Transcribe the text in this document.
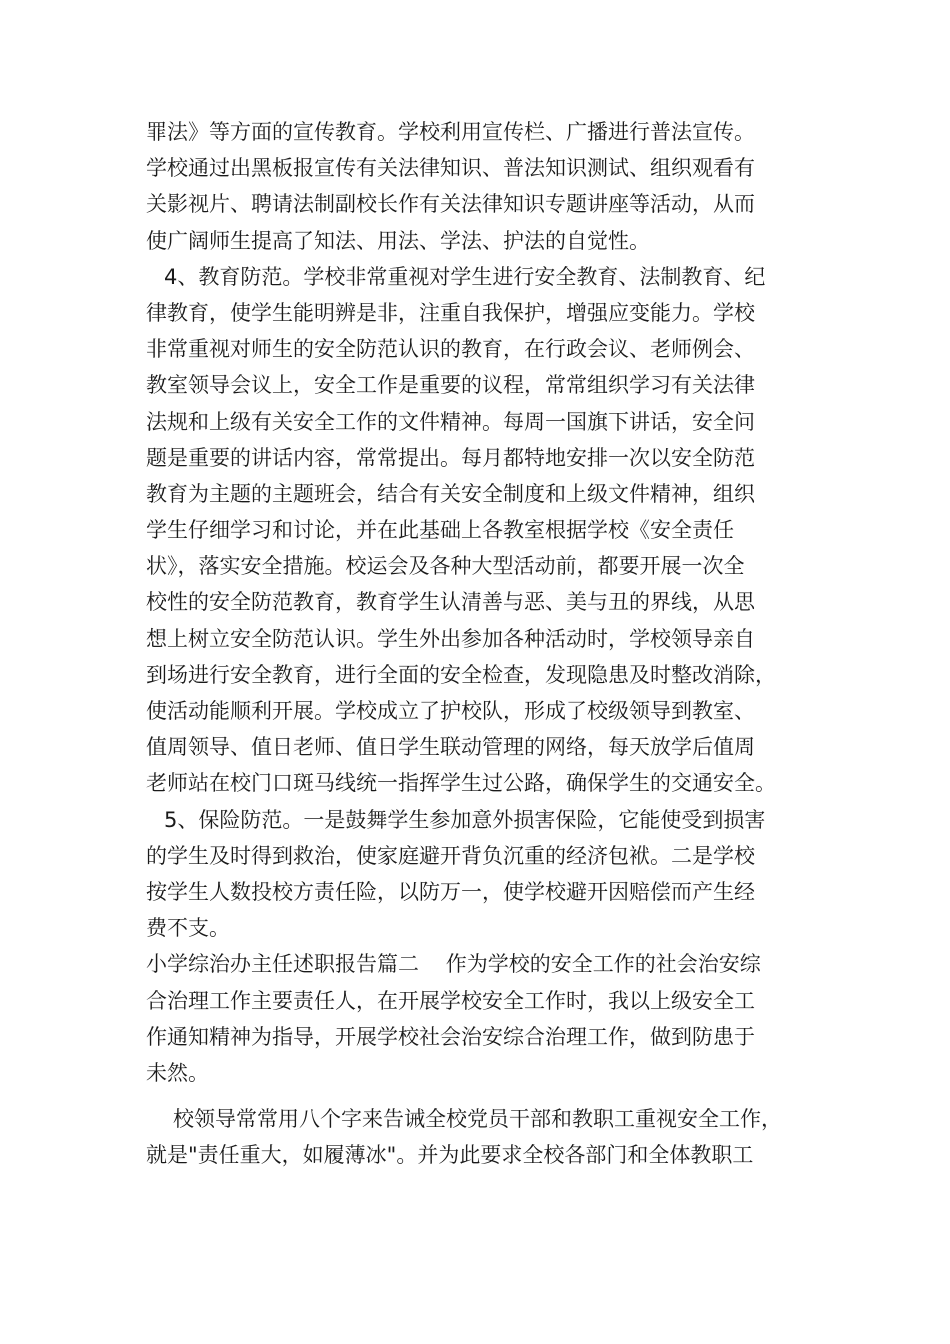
罪法》等方面的宣传教育。学校利用宣传栏、广播进行普法宣传。
学校通过出黑板报宣传有关法律知识、普法知识测试、组织观看有
关影视片、聘请法制副校长作有关法律知识专题讲座等活动，从而
使广阔师生提高了知法、用法、学法、护法的自觉性。
4、教育防范。学校非常重视对学生进行安全教育、法制教育、纪
律教育，使学生能明辨是非，注重自我保护，增强应变能力。学校
非常重视对师生的安全防范认识的教育，在行政会议、老师例会、
教室领导会议上，安全工作是重要的议程，常常组织学习有关法律
法规和上级有关安全工作的文件精神。每周一国旗下讲话，安全问
题是重要的讲话内容，常常提出。每月都特地安排一次以安全防范
教育为主题的主题班会，结合有关安全制度和上级文件精神，组织
学生仔细学习和讨论，并在此基础上各教室根据学校《安全责任
状》，落实安全措施。校运会及各种大型活动前，都要开展一次全
校性的安全防范教育，教育学生认清善与恶、美与丑的界线，从思
想上树立安全防范认识。学生外出参加各种活动时，学校领导亲自
到场进行安全教育，进行全面的安全检查，发现隐患及时整改消除，
使活动能顺利开展。学校成立了护校队，形成了校级领导到教室、
值周领导、值日老师、值日学生联动管理的网络，每天放学后值周
老师站在校门口斑马线统一指挥学生过公路，确保学生的交通安全。
5、保险防范。一是鼓舞学生参加意外损害保险，它能使受到损害
的学生及时得到救治，使家庭避开背负沉重的经济包袱。二是学校
按学生人数投校方责任险，以防万一，使学校避开因赔偿而产生经
费不支。
小学综治办主任述职报告篇二    作为学校的安全工作的社会治安综
合治理工作主要责任人，在开展学校安全工作时，我以上级安全工
作通知精神为指导，开展学校社会治安综合治理工作，做到防患于
未然。
校领导常常用八个字来告诫全校党员干部和教职工重视安全工作，
就是"责任重大，如履薄冰"。并为此要求全校各部门和全体教职工
